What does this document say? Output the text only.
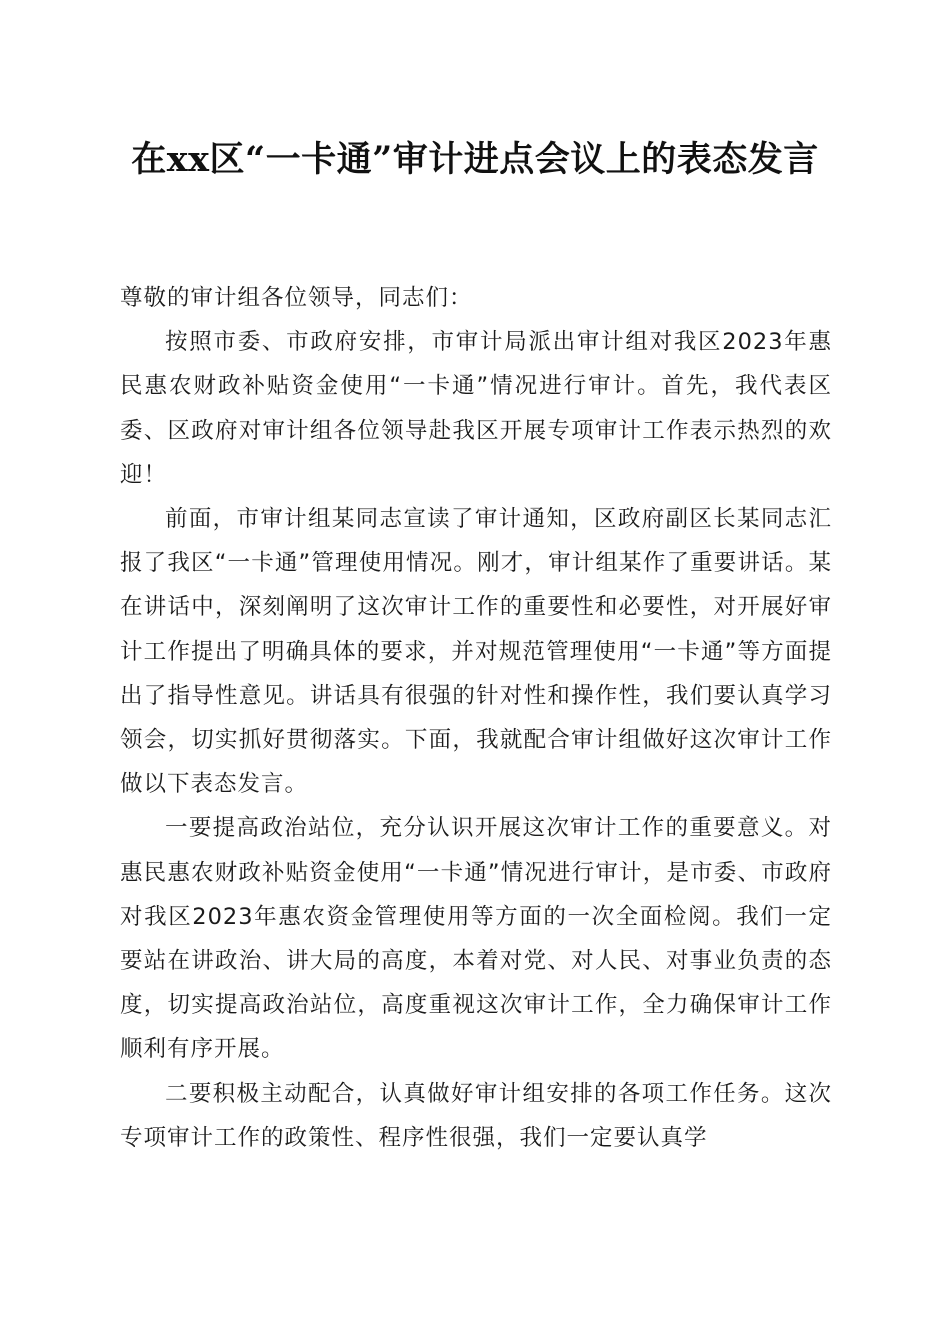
在xx区“一卡通”审计进点会议上的表态发言

尊敬的审计组各位领导，同志们：

按照市委、市政府安排，市审计局派出审计组对我区2023年惠民惠农财政补贴资金使用“一卡通”情况进行审计。首先，我代表区委、区政府对审计组各位领导赴我区开展专项审计工作表示热烈的欢迎！

前面，市审计组某同志宣读了审计通知，区政府副区长某同志汇报了我区“一卡通”管理使用情况。刚才，审计组某作了重要讲话。某在讲话中，深刻阐明了这次审计工作的重要性和必要性，对开展好审计工作提出了明确具体的要求，并对规范管理使用“一卡通”等方面提出了指导性意见。讲话具有很强的针对性和操作性，我们要认真学习领会，切实抓好贯彻落实。下面，我就配合审计组做好这次审计工作做以下表态发言。

一要提高政治站位，充分认识开展这次审计工作的重要意义。对惠民惠农财政补贴资金使用“一卡通”情况进行审计，是市委、市政府对我区2023年惠农资金管理使用等方面的一次全面检阅。我们一定要站在讲政治、讲大局的高度，本着对党、对人民、对事业负责的态度，切实提高政治站位，高度重视这次审计工作，全力确保审计工作顺利有序开展。

二要积极主动配合，认真做好审计组安排的各项工作任务。这次专项审计工作的政策性、程序性很强，我们一定要认真学
